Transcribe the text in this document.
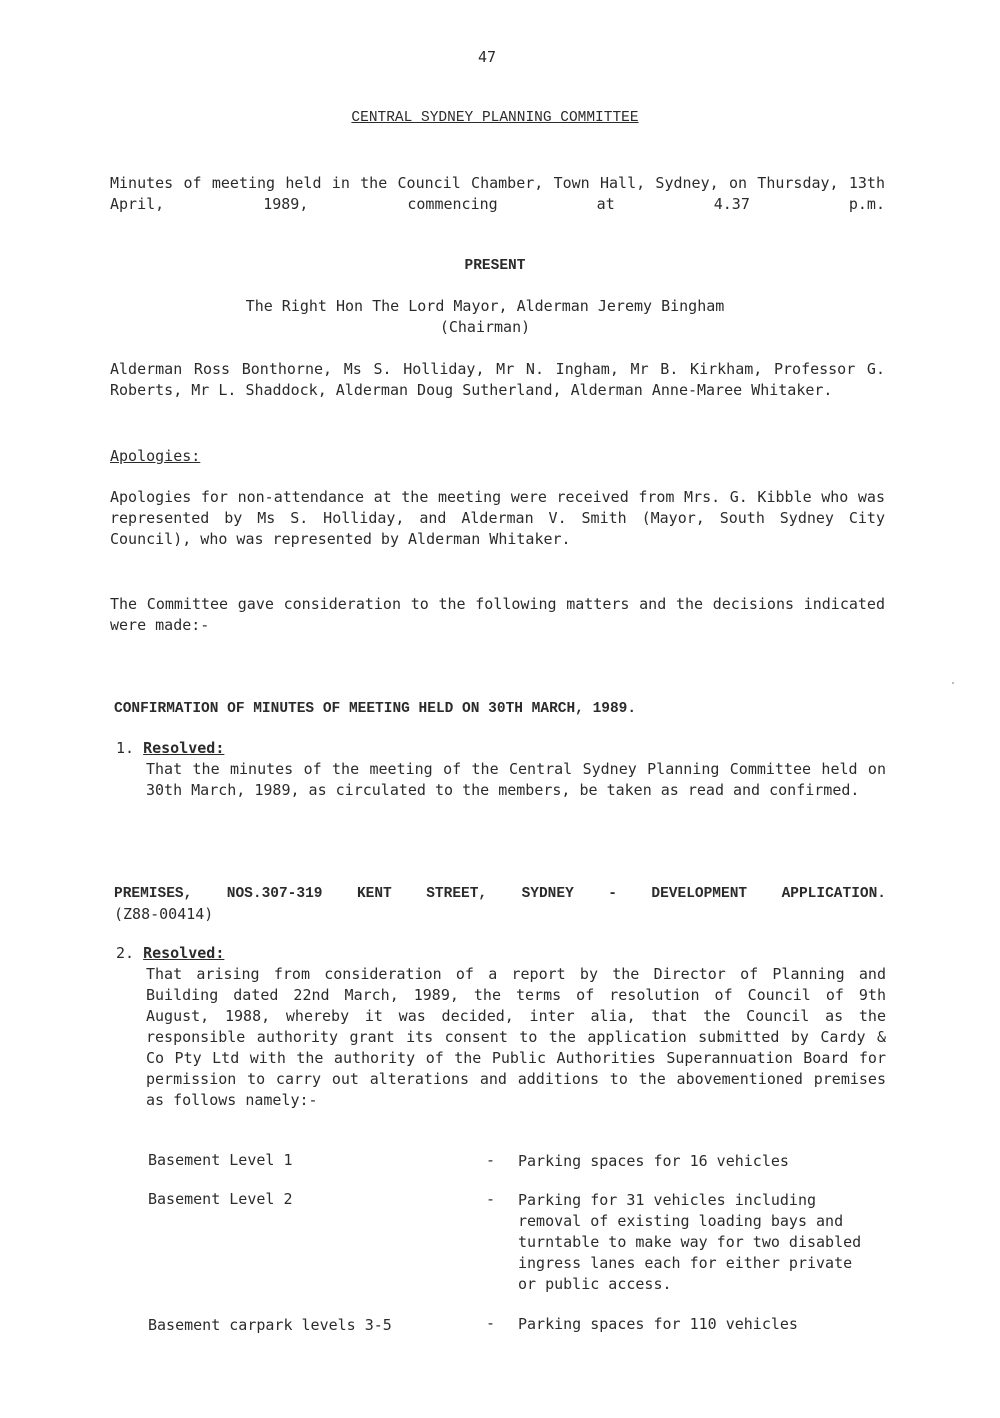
47
CENTRAL SYDNEY PLANNING COMMITTEE
Minutes of meeting held in the Council Chamber, Town Hall, Sydney, on Thursday, 13th April, 1989, commencing at 4.37 p.m.
PRESENT
The Right Hon The Lord Mayor, Alderman Jeremy Bingham
(Chairman)
Alderman Ross Bonthorne, Ms S. Holliday, Mr N. Ingham, Mr B. Kirkham, Professor G. Roberts, Mr L. Shaddock, Alderman Doug Sutherland, Alderman Anne-Maree Whitaker.
Apologies:
Apologies for non-attendance at the meeting were received from Mrs. G. Kibble who was represented by Ms S. Holliday, and Alderman V. Smith (Mayor, South Sydney City Council), who was represented by Alderman Whitaker.
The Committee gave consideration to the following matters and the decisions indicated were made:-
CONFIRMATION OF MINUTES OF MEETING HELD ON 30TH MARCH, 1989.
1. Resolved:
That the minutes of the meeting of the Central Sydney Planning Committee held on 30th March, 1989, as circulated to the members, be taken as read and confirmed.
PREMISES, NOS.307-319 KENT STREET, SYDNEY - DEVELOPMENT APPLICATION.
(Z88-00414)
2. Resolved:
That arising from consideration of a report by the Director of Planning and Building dated 22nd March, 1989, the terms of resolution of Council of 9th August, 1988, whereby it was decided, inter alia, that the Council as the responsible authority grant its consent to the application submitted by Cardy & Co Pty Ltd with the authority of the Public Authorities Superannuation Board for permission to carry out alterations and additions to the abovementioned premises as follows namely:-
Basement Level 1	- Parking spaces for 16 vehicles
Basement Level 2	- Parking for 31 vehicles including removal of existing loading bays and turntable to make way for two disabled ingress lanes each for either private or public access.
Basement carpark levels 3-5	- Parking spaces for 110 vehicles
